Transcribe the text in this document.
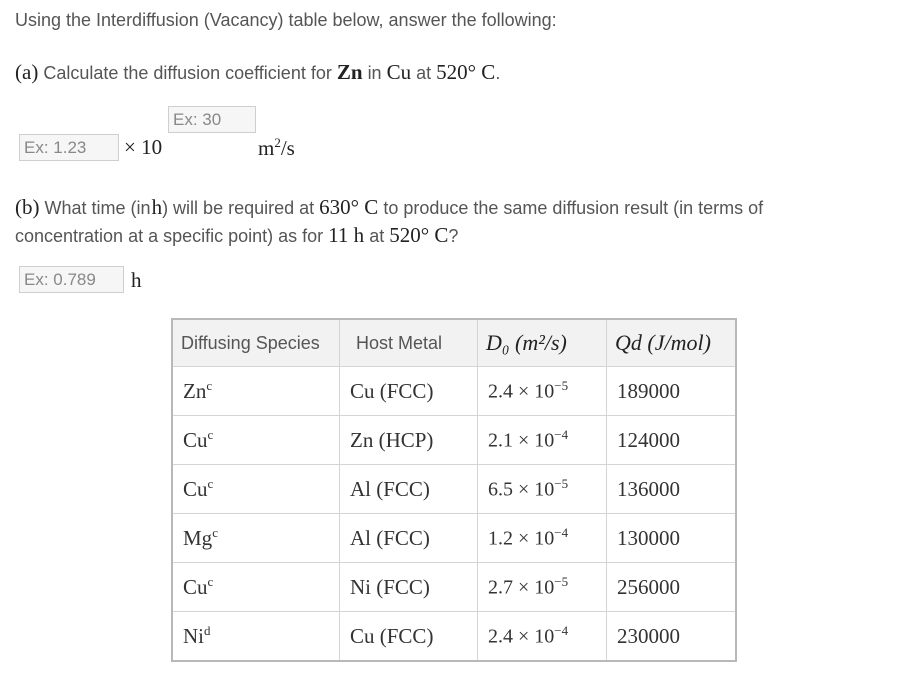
Using the Interdiffusion (Vacancy) table below, answer the following:
(a) Calculate the diffusion coefficient for Zn in Cu at 520° C.
Ex: 30
Ex: 1.23	× 10	$m^2/s$
(b) What time (in h) will be required at 630° C to produce the same diffusion result (in terms of
concentration at a specific point) as for 11 h at 520° C?
Ex: 0.789	h
Diffusing Species	Host Metal	D₀ (m²/s)	Qd (J/mol)
Zn$^c$	Cu (FCC)	$2.4 \times 10^{-5}$	189000
Cu$^c$	Zn (HCP)	$2.1 \times 10^{-4}$	124000
Cu$^c$	Al (FCC)	$6.5 \times 10^{-5}$	136000
Mg$^c$	Al (FCC)	$1.2 \times 10^{-4}$	130000
Cu$^c$	Ni (FCC)	$2.7 \times 10^{-5}$	256000
Ni$^d$	Cu (FCC)	$2.4 \times 10^{-4}$	230000
